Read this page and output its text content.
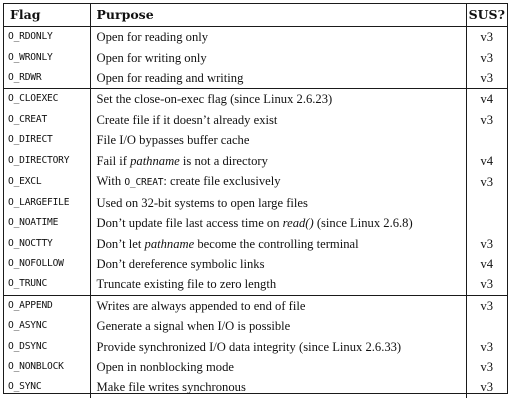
Flag	Purpose	SUS?
O_RDONLY	Open for reading only	v3
O_WRONLY	Open for writing only	v3
O_RDWR	Open for reading and writing	v3
O_CLOEXEC	Set the close-on-exec flag (since Linux 2.6.23)	v4
O_CREAT	Create file if it doesn’t already exist	v3
O_DIRECT	File I/O bypasses buffer cache	
O_DIRECTORY	Fail if pathname is not a directory	v4
O_EXCL	With O_CREAT: create file exclusively	v3
O_LARGEFILE	Used on 32-bit systems to open large files	
O_NOATIME	Don’t update file last access time on read() (since Linux 2.6.8)	
O_NOCTTY	Don’t let pathname become the controlling terminal	v3
O_NOFOLLOW	Don’t dereference symbolic links	v4
O_TRUNC	Truncate existing file to zero length	v3
O_APPEND	Writes are always appended to end of file	v3
O_ASYNC	Generate a signal when I/O is possible	
O_DSYNC	Provide synchronized I/O data integrity (since Linux 2.6.33)	v3
O_NONBLOCK	Open in nonblocking mode	v3
O_SYNC	Make file writes synchronous	v3
